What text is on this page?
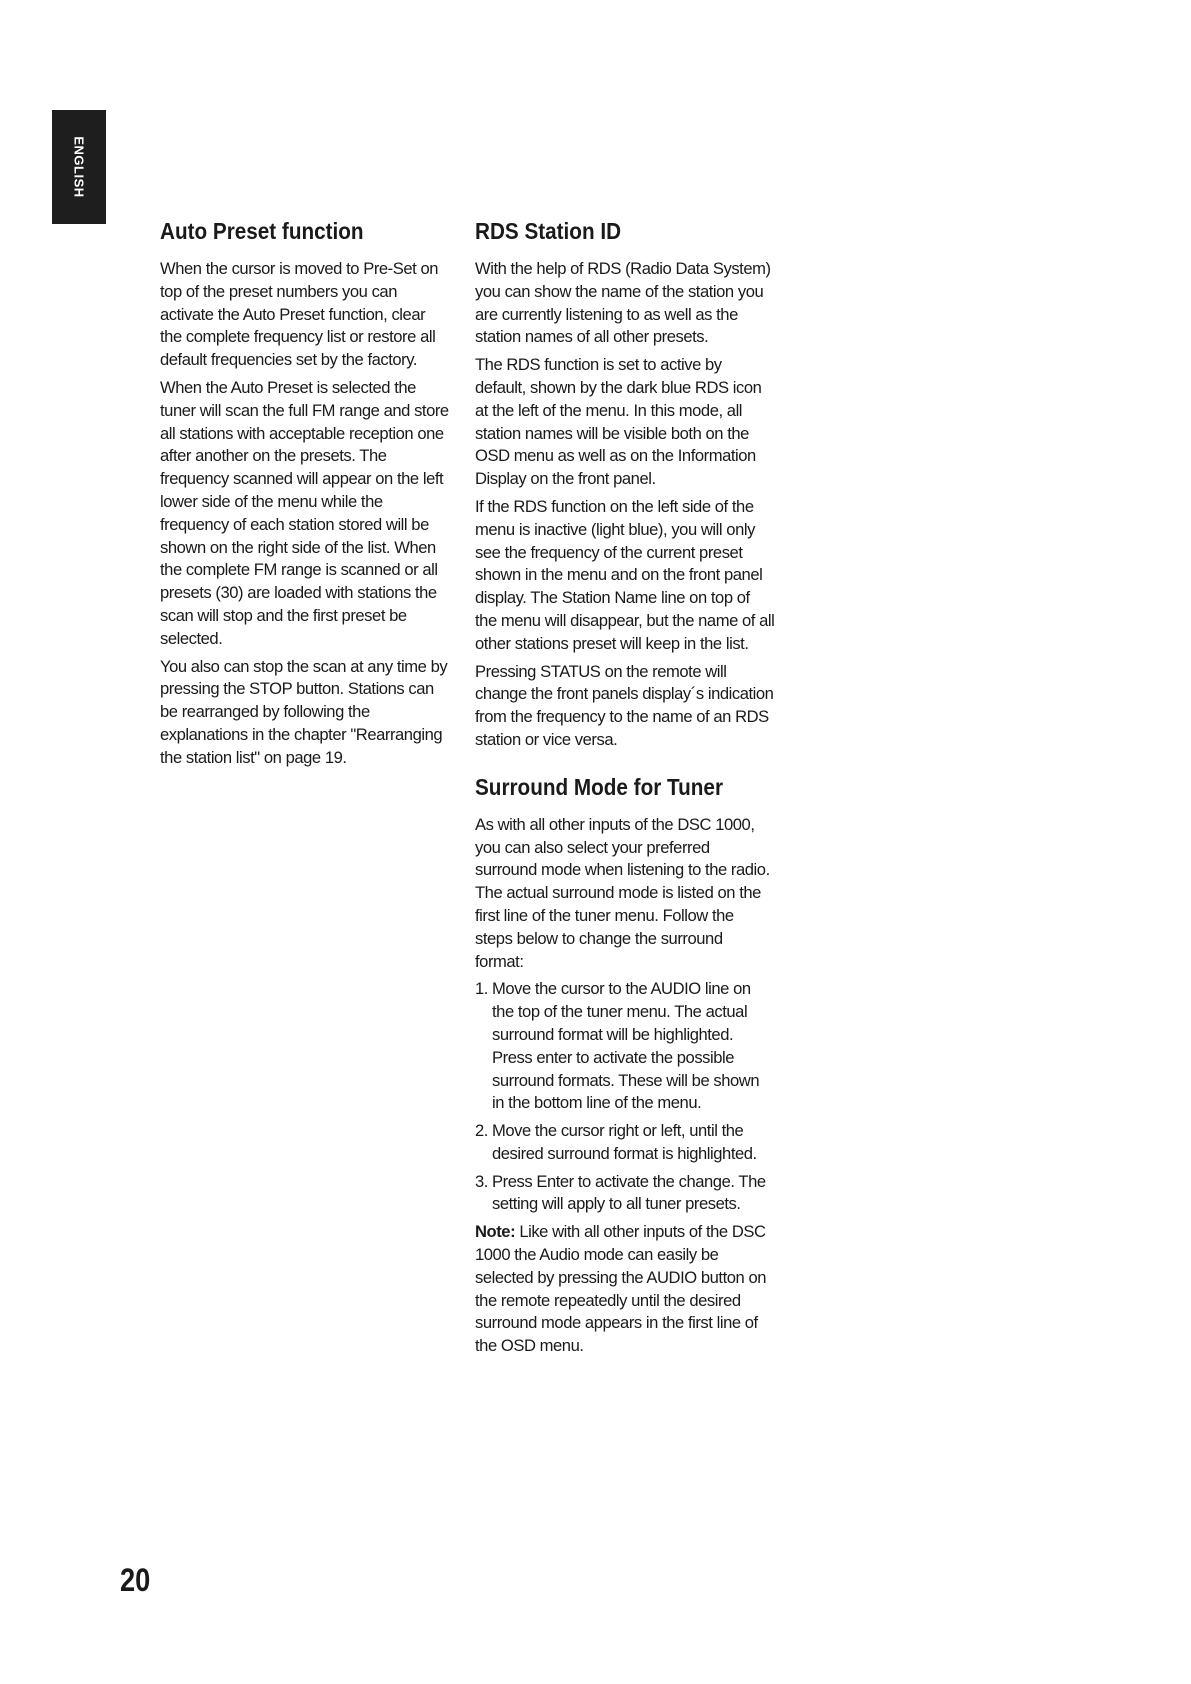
ENGLISH
Auto Preset function

When the cursor is moved to Pre-Set on top of the preset numbers you can activate the Auto Preset function, clear the complete frequency list or restore all default frequencies set by the factory.

When the Auto Preset is selected the tuner will scan the full FM range and store all stations with acceptable reception one after another on the presets. The frequency scanned will appear on the left lower side of the menu while the frequency of each station stored will be shown on the right side of the list. When the complete FM range is scanned or all presets (30) are loaded with stations the scan will stop and the first preset be selected.

You also can stop the scan at any time by pressing the STOP button. Stations can be rearranged by following the explanations in the chapter "Rearranging the station list" on page 19.

RDS Station ID

With the help of RDS (Radio Data System) you can show the name of the station you are currently listening to as well as the station names of all other presets.

The RDS function is set to active by default, shown by the dark blue RDS icon at the left of the menu. In this mode, all station names will be visible both on the OSD menu as well as on the Information Display on the front panel.

If the RDS function on the left side of the menu is inactive (light blue), you will only see the frequency of the current preset shown in the menu and on the front panel display. The Station Name line on top of the menu will disappear, but the name of all other stations preset will keep in the list.

Pressing STATUS on the remote will change the front panels display´s indication from the frequency to the name of an RDS station or vice versa.

Surround Mode for Tuner

As with all other inputs of the DSC 1000, you can also select your preferred surround mode when listening to the radio. The actual surround mode is listed on the first line of the tuner menu. Follow the steps below to change the surround format:

1. Move the cursor to the AUDIO line on the top of the tuner menu. The actual surround format will be highlighted. Press enter to activate the possible surround formats. These will be shown in the bottom line of the menu.
2. Move the cursor right or left, until the desired surround format is highlighted.
3. Press Enter to activate the change. The setting will apply to all tuner presets.

Note: Like with all other inputs of the DSC 1000 the Audio mode can easily be selected by pressing the AUDIO button on the remote repeatedly until the desired surround mode appears in the first line of the OSD menu.

20
